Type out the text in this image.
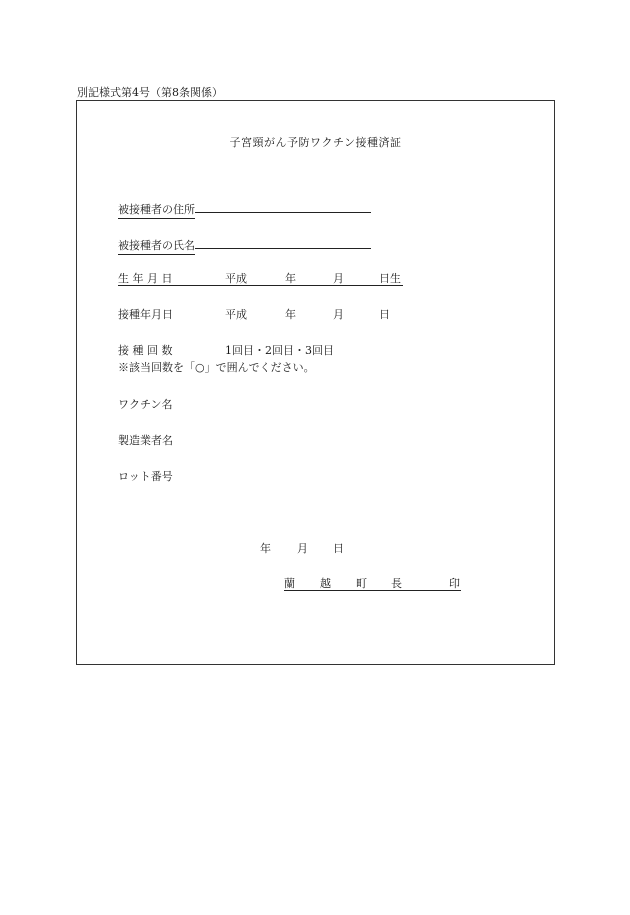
別記様式第4号（第8条関係）
子宮頸がん予防ワクチン接種済証
被接種者の住所
被接種者の氏名
生 年 月 日	平成	年	月	日生
接種年月日	平成	年	月	日
接 種 回 数	1回目・2回目・3回目
※該当回数を「○」で囲んでください。
ワクチン名
製造業者名
ロット番号
年 月 日
蘭 越 町 長	印
